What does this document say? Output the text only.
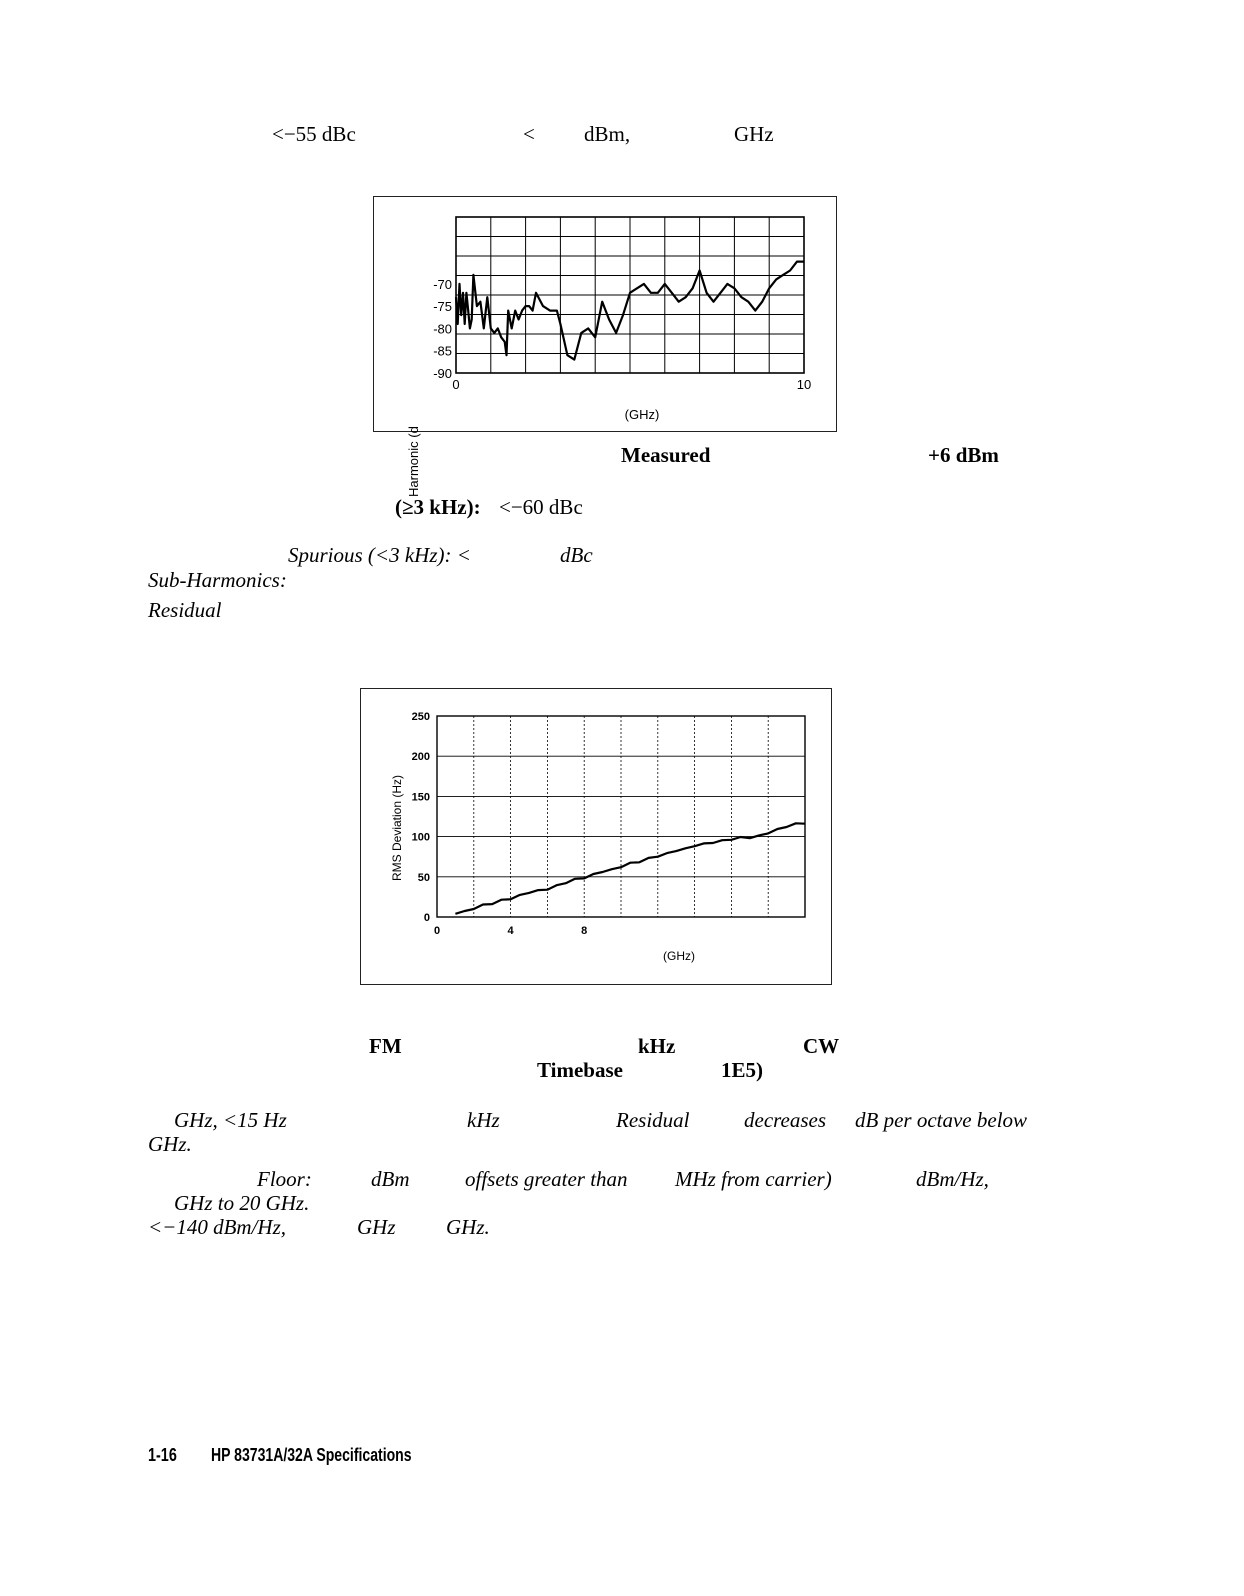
<−55 dBc	< dBm,	GHz
Harmonic (d
-70
-75
-80
-85
-90
0	10
(GHz)
Measured	+6 dBm
(≥3 kHz): <−60 dBc
Spurious (<3 kHz): <	dBc
Sub-Harmonics:
Residual
RMS Deviation (Hz)
250
200
150
100
50
0
0	4	8
(GHz)
FM	kHz	CW
Timebase	1E5)
GHz, <15 Hz	kHz	Residual	decreases dB per octave below
GHz.
Floor:	dBm	offsets greater than MHz from carrier)	dBm/Hz,
GHz to 20 GHz.
<−140 dBm/Hz,	GHz GHz.
1-16 HP 83731A/32A Specifications
